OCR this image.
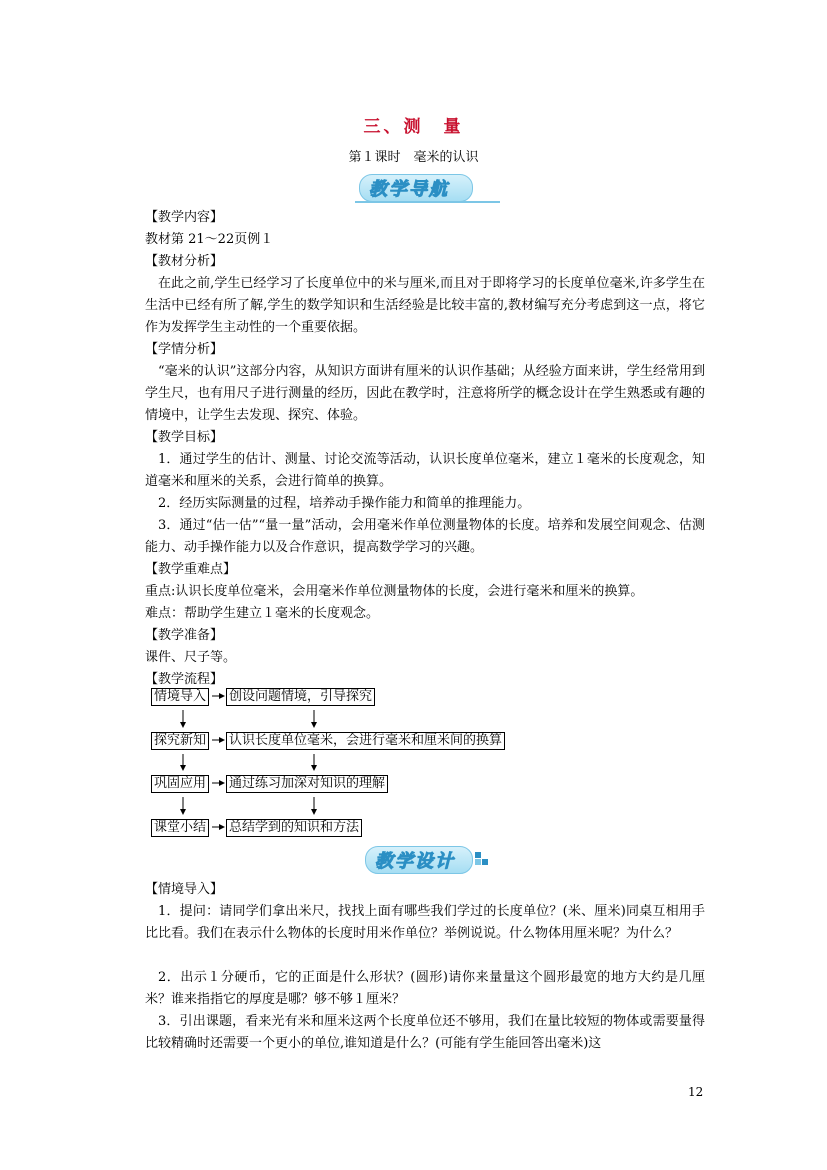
三、测　量
第１课时　毫米的认识
教学导航
【教学内容】
教材第 21～22页例１
【教材分析】
在此之前,学生已经学习了长度单位中的米与厘米,而且对于即将学习的长度单位毫米,许多学生在生活中已经有所了解,学生的数学知识和生活经验是比较丰富的,教材编写充分考虑到这一点，将它作为发挥学生主动性的一个重要依据。
【学情分析】
“毫米的认识”这部分内容，从知识方面讲有厘米的认识作基础；从经验方面来讲，学生经常用到学生尺，也有用尺子进行测量的经历，因此在教学时，注意将所学的概念设计在学生熟悉或有趣的情境中，让学生去发现、探究、体验。
【教学目标】
1．通过学生的估计、测量、讨论交流等活动，认识长度单位毫米，建立１毫米的长度观念，知道毫米和厘米的关系，会进行简单的换算。
2．经历实际测量的过程，培养动手操作能力和简单的推理能力。
3．通过“估一估”“量一量”活动，会用毫米作单位测量物体的长度。培养和发展空间观念、估测能力、动手操作能力以及合作意识，提高数学学习的兴趣。
【教学重难点】
重点:认识长度单位毫米，会用毫米作单位测量物体的长度，会进行毫米和厘米的换算。
难点：帮助学生建立１毫米的长度观念。
【教学准备】
课件、尺子等。
【教学流程】
情境导入 创设问题情境，引导探究
探究新知 认识长度单位毫米，会进行毫米和厘米间的换算
巩固应用 通过练习加深对知识的理解
课堂小结 总结学到的知识和方法
教学设计
【情境导入】
1．提问：请同学们拿出米尺，找找上面有哪些我们学过的长度单位？(米、厘米)同桌互相用手比比看。我们在表示什么物体的长度时用米作单位？举例说说。什么物体用厘米呢？为什么？
2．出示１分硬币，它的正面是什么形状？(圆形)请你来量量这个圆形最宽的地方大约是几厘米？谁来指指它的厚度是哪？够不够１厘米？
3．引出课题，看来光有米和厘米这两个长度单位还不够用，我们在量比较短的物体或需要量得比较精确时还需要一个更小的单位,谁知道是什么？(可能有学生能回答出毫米)这
12
